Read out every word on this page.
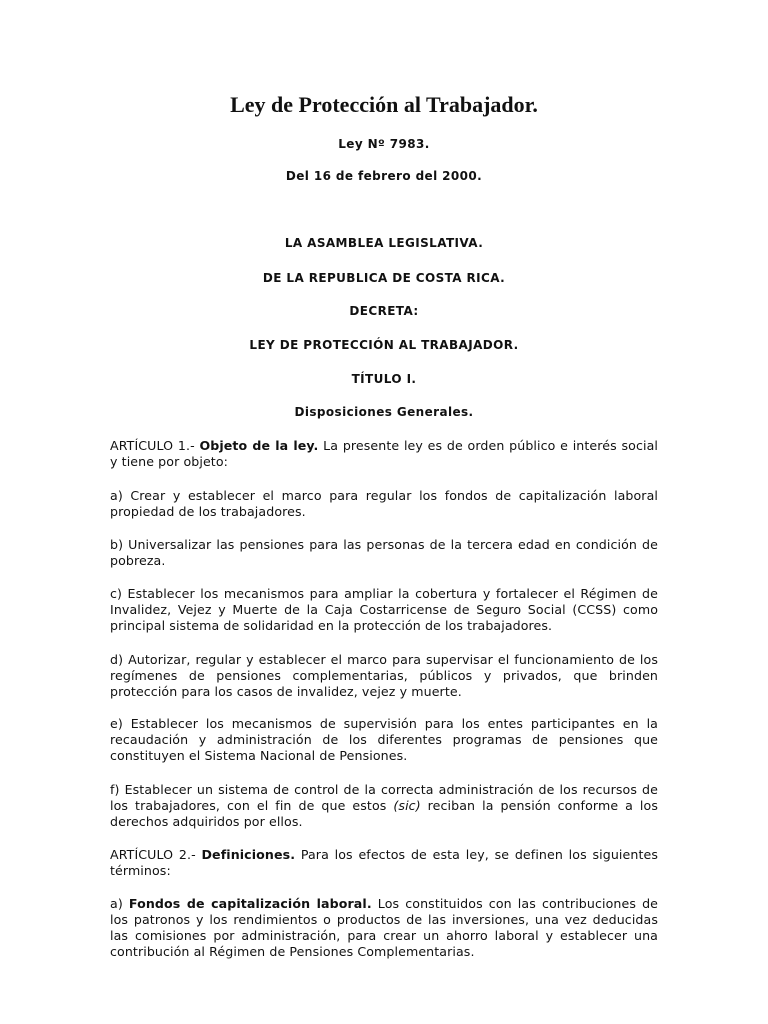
Ley de Protección al Trabajador.
Ley Nº 7983.
Del 16 de febrero del 2000.
LA ASAMBLEA LEGISLATIVA.
DE LA REPUBLICA DE COSTA RICA.
DECRETA:
LEY DE PROTECCIÓN AL TRABAJADOR.
TÍTULO I.
Disposiciones Generales.
ARTÍCULO 1.- Objeto de la ley. La presente ley es de orden público e interés social y tiene por objeto:
a) Crear y establecer el marco para regular los fondos de capitalización laboral propiedad de los trabajadores.
b) Universalizar las pensiones para las personas de la tercera edad en condición de pobreza.
c) Establecer los mecanismos para ampliar la cobertura y fortalecer el Régimen de Invalidez, Vejez y Muerte de la Caja Costarricense de Seguro Social (CCSS) como principal sistema de solidaridad en la protección de los trabajadores.
d) Autorizar, regular y establecer el marco para supervisar el funcionamiento de los regímenes de pensiones complementarias, públicos y privados, que brinden protección para los casos de invalidez, vejez y muerte.
e) Establecer los mecanismos de supervisión para los entes participantes en la recaudación y administración de los diferentes programas de pensiones que constituyen el Sistema Nacional de Pensiones.
f) Establecer un sistema de control de la correcta administración de los recursos de los trabajadores, con el fin de que estos (sic) reciban la pensión conforme a los derechos adquiridos por ellos.
ARTÍCULO 2.- Definiciones. Para los efectos de esta ley, se definen los siguientes términos:
a) Fondos de capitalización laboral. Los constituidos con las contribuciones de los patronos y los rendimientos o productos de las inversiones, una vez deducidas las comisiones por administración, para crear un ahorro laboral y establecer una contribución al Régimen de Pensiones Complementarias.
